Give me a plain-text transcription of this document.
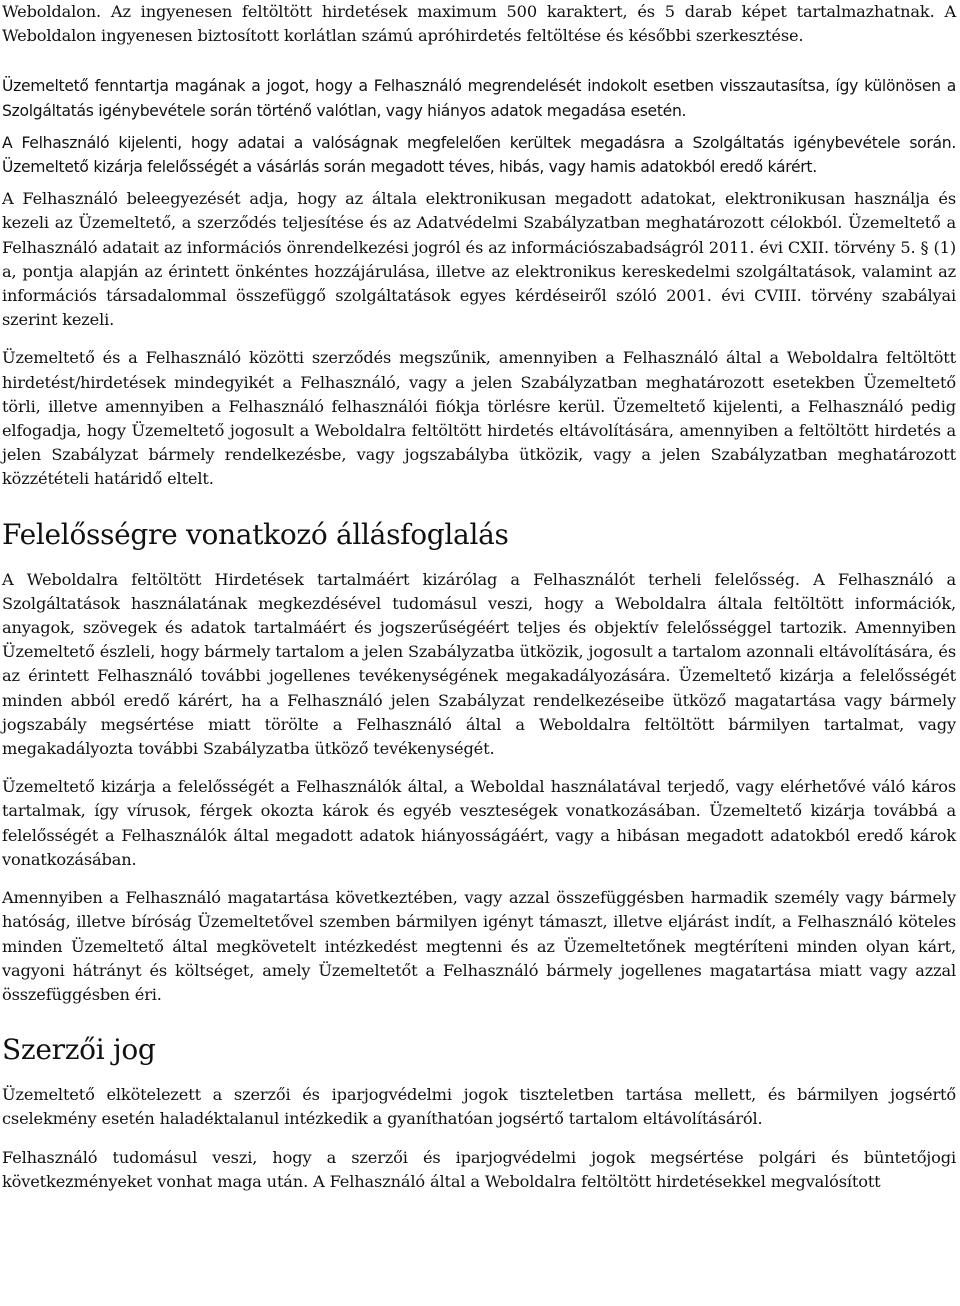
Weboldalon. Az ingyenesen feltöltött hirdetések maximum 500 karaktert, és 5 darab képet tartalmazhatnak. A Weboldalon ingyenesen biztosított korlátlan számú apróhirdetés feltöltése és későbbi szerkesztése.

Üzemeltető fenntartja magának a jogot, hogy a Felhasználó megrendelését indokolt esetben visszautasítsa, így különösen a Szolgáltatás igénybevétele során történő valótlan, vagy hiányos adatok megadása esetén.

A Felhasználó kijelenti, hogy adatai a valóságnak megfelelően kerültek megadásra a Szolgáltatás igénybevétele során. Üzemeltető kizárja felelősségét a vásárlás során megadott téves, hibás, vagy hamis adatokból eredő kárért.

A Felhasználó beleegyezését adja, hogy az általa elektronikusan megadott adatokat, elektronikusan használja és kezeli az Üzemeltető, a szerződés teljesítése és az Adatvédelmi Szabályzatban meghatározott célokból. Üzemeltető a Felhasználó adatait az információs önrendelkezési jogról és az információszabadságról 2011. évi CXII. törvény 5. § (1) a, pontja alapján az érintett önkéntes hozzájárulása, illetve az elektronikus kereskedelmi szolgáltatások, valamint az információs társadalommal összefüggő szolgáltatások egyes kérdéseiről szóló 2001. évi CVIII. törvény szabályai szerint kezeli.

Üzemeltető és a Felhasználó közötti szerződés megszűnik, amennyiben a Felhasználó által a Weboldalra feltöltött hirdetést/hirdetések mindegyikét a Felhasználó, vagy a jelen Szabályzatban meghatározott esetekben Üzemeltető törli, illetve amennyiben a Felhasználó felhasználói fiókja törlésre kerül. Üzemeltető kijelenti, a Felhasználó pedig elfogadja, hogy Üzemeltető jogosult a Weboldalra feltöltött hirdetés eltávolítására, amennyiben a feltöltött hirdetés a jelen Szabályzat bármely rendelkezésbe, vagy jogszabályba ütközik, vagy a jelen Szabályzatban meghatározott közzétételi határidő eltelt.

Felelősségre vonatkozó állásfoglalás

A Weboldalra feltöltött Hirdetések tartalmáért kizárólag a Felhasználót terheli felelősség. A Felhasználó a Szolgáltatások használatának megkezdésével tudomásul veszi, hogy a Weboldalra általa feltöltött információk, anyagok, szövegek és adatok tartalmáért és jogszerűségéért teljes és objektív felelősséggel tartozik. Amennyiben Üzemeltető észleli, hogy bármely tartalom a jelen Szabályzatba ütközik, jogosult a tartalom azonnali eltávolítására, és az érintett Felhasználó további jogellenes tevékenységének megakadályozására. Üzemeltető kizárja a felelősségét minden abból eredő kárért, ha a Felhasználó jelen Szabályzat rendelkezéseibe ütköző magatartása vagy bármely jogszabály megsértése miatt törölte a Felhasználó által a Weboldalra feltöltött bármilyen tartalmat, vagy megakadályozta további Szabályzatba ütköző tevékenységét.

Üzemeltető kizárja a felelősségét a Felhasználók által, a Weboldal használatával terjedő, vagy elérhetővé váló káros tartalmak, így vírusok, férgek okozta károk és egyéb veszteségek vonatkozásában. Üzemeltető kizárja továbbá a felelősségét a Felhasználók által megadott adatok hiányosságáért, vagy a hibásan megadott adatokból eredő károk vonatkozásában.

Amennyiben a Felhasználó magatartása következtében, vagy azzal összefüggésben harmadik személy vagy bármely hatóság, illetve bíróság Üzemeltetővel szemben bármilyen igényt támaszt, illetve eljárást indít, a Felhasználó köteles minden Üzemeltető által megkövetelt intézkedést megtenni és az Üzemeltetőnek megtéríteni minden olyan kárt, vagyoni hátrányt és költséget, amely Üzemeltetőt a Felhasználó bármely jogellenes magatartása miatt vagy azzal összefüggésben éri.

Szerzői jog

Üzemeltető elkötelezett a szerzői és iparjogvédelmi jogok tiszteletben tartása mellett, és bármilyen jogsértő cselekmény esetén haladéktalanul intézkedik a gyaníthatóan jogsértő tartalom eltávolításáról.

Felhasználó tudomásul veszi, hogy a szerzői és iparjogvédelmi jogok megsértése polgári és büntetőjogi következményeket vonhat maga után. A Felhasználó által a Weboldalra feltöltött hirdetésekkel megvalósított
